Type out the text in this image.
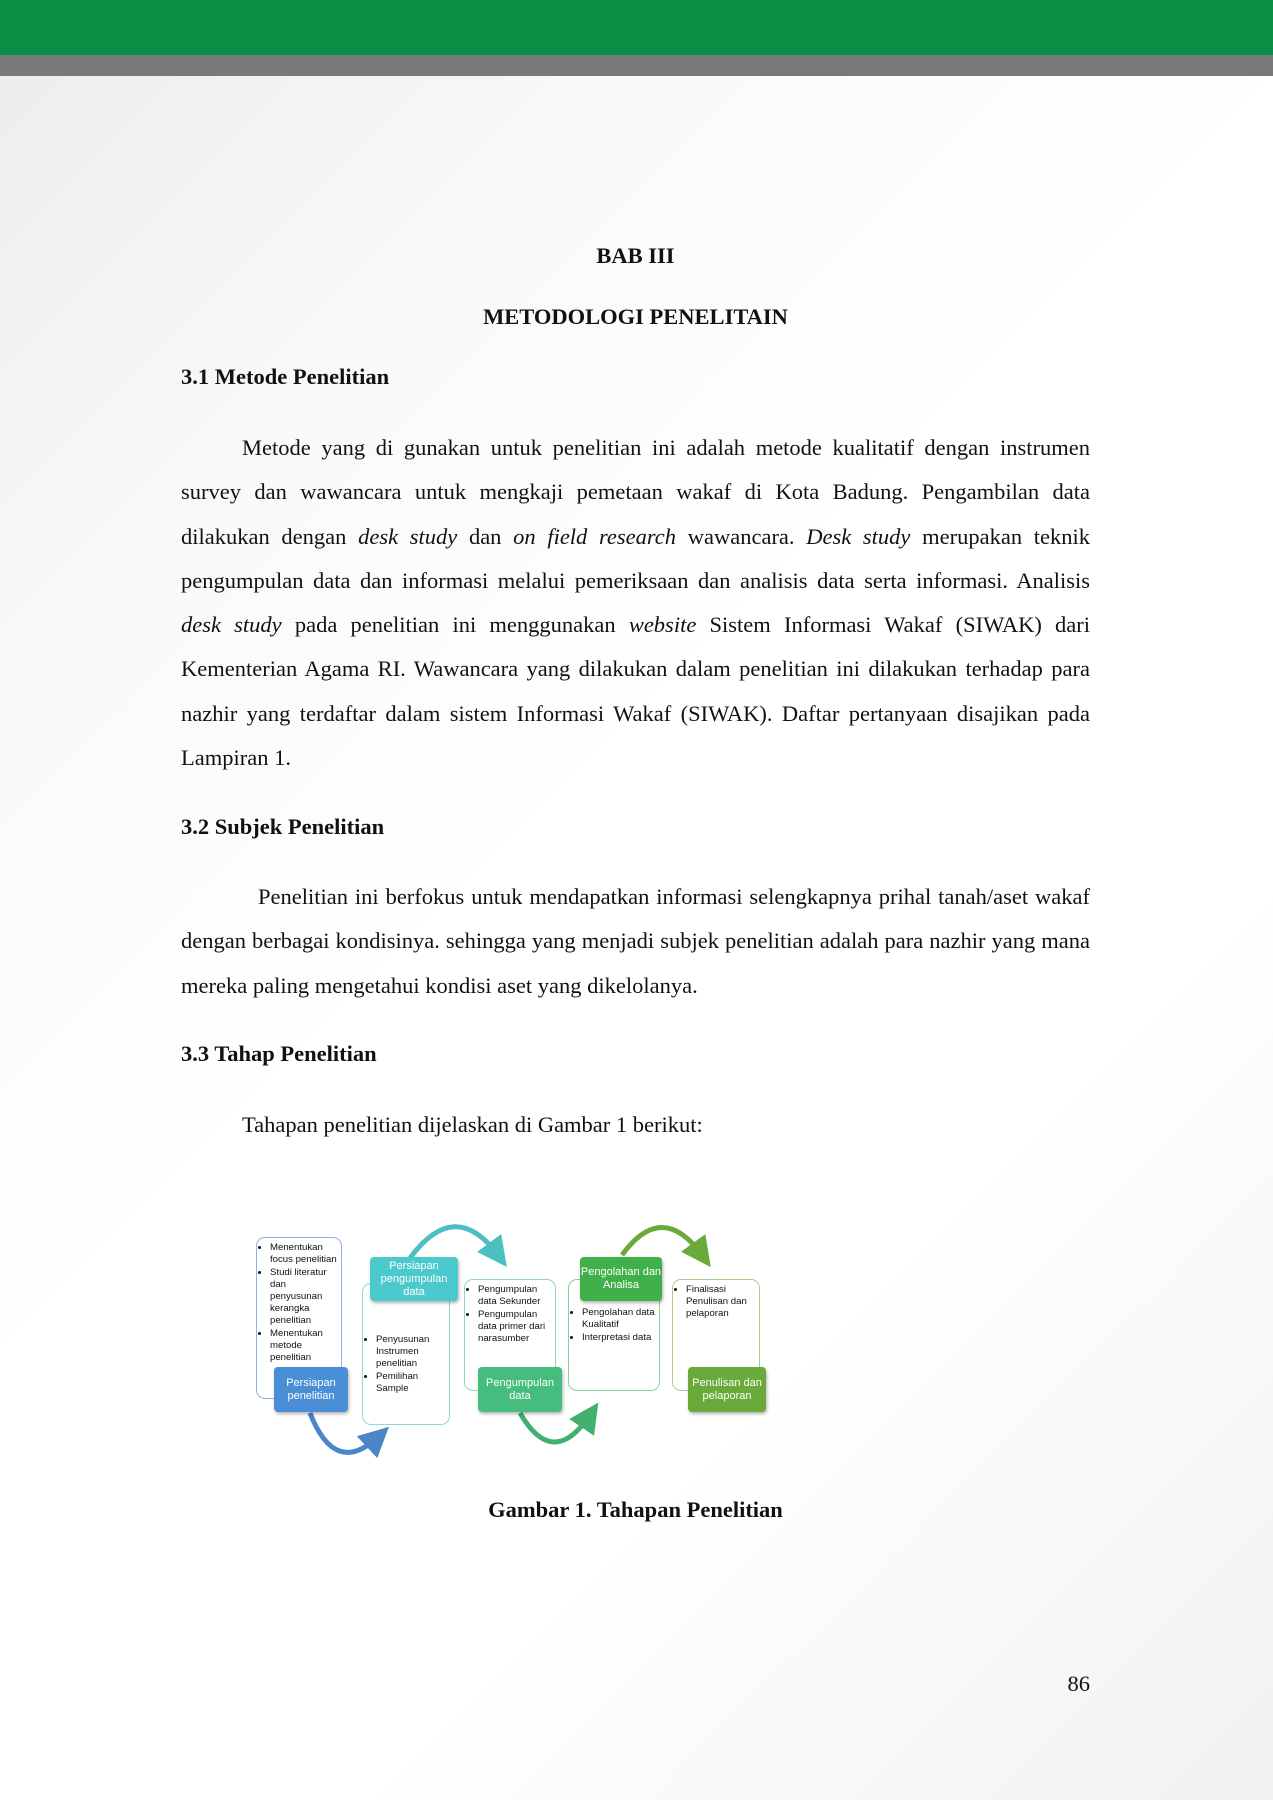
BAB III
METODOLOGI PENELITAIN
3.1 Metode Penelitian
Metode yang di gunakan untuk penelitian ini adalah metode kualitatif dengan instrumen survey dan wawancara untuk mengkaji pemetaan wakaf di Kota Badung. Pengambilan data dilakukan dengan desk study dan on field research wawancara. Desk study merupakan teknik pengumpulan data dan informasi melalui pemeriksaan dan analisis data serta informasi. Analisis desk study pada penelitian ini menggunakan website Sistem Informasi Wakaf (SIWAK) dari Kementerian Agama RI. Wawancara yang dilakukan dalam penelitian ini dilakukan terhadap para nazhir yang terdaftar dalam sistem Informasi Wakaf (SIWAK). Daftar pertanyaan disajikan pada Lampiran 1.
3.2 Subjek Penelitian
Penelitian ini berfokus untuk mendapatkan informasi selengkapnya prihal tanah/aset wakaf dengan berbagai kondisinya. sehingga yang menjadi subjek penelitian adalah para nazhir yang mana mereka paling mengetahui kondisi aset yang dikelolanya.
3.3 Tahap Penelitian
Tahapan penelitian dijelaskan di Gambar 1 berikut:
• Menentukan focus penelitian
• Studi literatur dan penyusunan kerangka penelitian
• Menentukan metode penelitian
Persiapan penelitian
• Penyusunan Instrumen penelitian
• Pemilihan Sample
Persiapan pengumpulan data	• Pengumpulan data Sekunder
• Pengumpulan data primer dari narasumber
Pengumpulan data
• Pengolahan data Kualitatif
• Interpretasi data
Pengolahan dan Analisa	• Finalisasi Penulisan dan pelaporan
Penulisan dan pelaporan
Gambar 1. Tahapan Penelitian
86
